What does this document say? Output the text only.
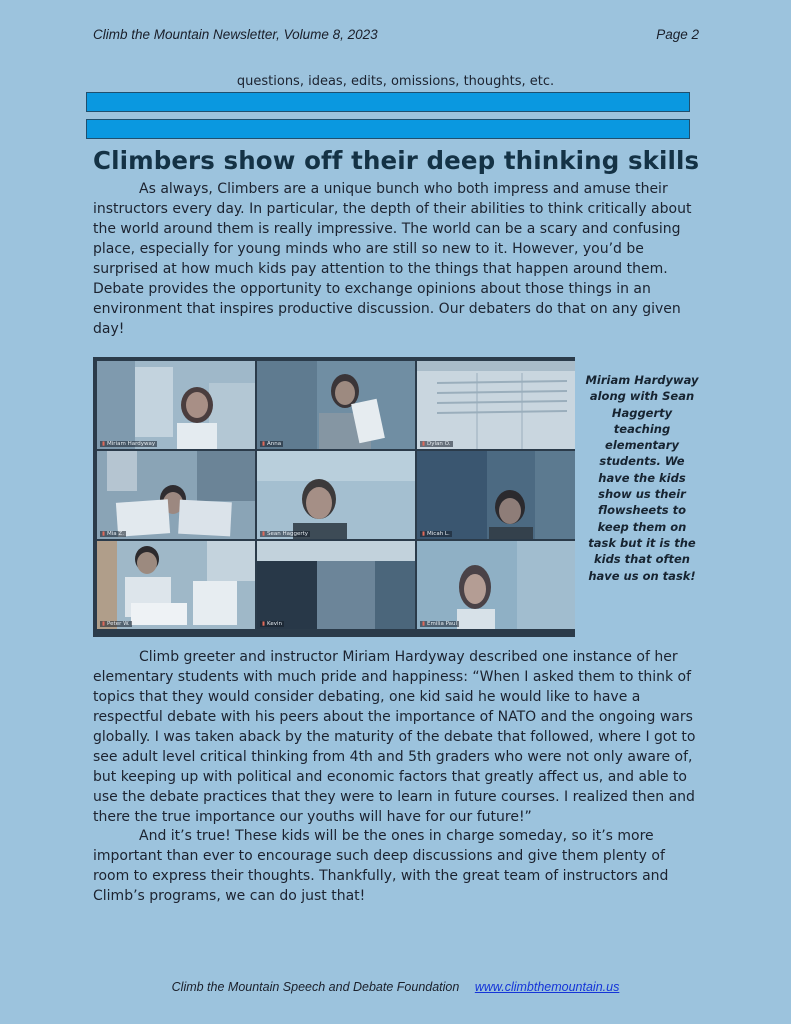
Climb the Mountain Newsletter, Volume 8, 2023	Page 2
questions, ideas, edits, omissions, thoughts, etc.
Climbers show off their deep thinking skills

As always, Climbers are a unique bunch who both impress and amuse their instructors every day. In particular, the depth of their abilities to think critically about the world around them is really impressive. The world can be a scary and confusing place, especially for young minds who are still so new to it. However, you’d be surprised at how much kids pay attention to the things that happen around them. Debate provides the opportunity to exchange opinions about those things in an environment that inspires productive discussion. Our debaters do that on any given day!

▮ Miriam Hardyway	▮ Anna	▮ Dylan O.
▮ Mia Z.	▮ Sean Haggerty	▮ Micah L.
▮ Peter W.	▮ Kevin	▮ Emilia Paul

Miriam Hardyway along with Sean Haggerty teaching elementary students. We have the kids show us their flowsheets to keep them on task but it is the kids that often have us on task!

Climb greeter and instructor Miriam Hardyway described one instance of her elementary students with much pride and happiness: “When I asked them to think of topics that they would consider debating, one kid said he would like to have a respectful debate with his peers about the importance of NATO and the ongoing wars globally. I was taken aback by the maturity of the debate that followed, where I got to see adult level critical thinking from 4th and 5th graders who were not only aware of, but keeping up with political and economic factors that greatly affect us, and able to use the debate practices that they were to learn in future courses. I realized then and there the true importance our youths will have for our future!”

And it’s true! These kids will be the ones in charge someday, so it’s more important than ever to encourage such deep discussions and give them plenty of room to express their thoughts. Thankfully, with the great team of instructors and Climb’s programs, we can do just that!

Climb the Mountain Speech and Debate Foundation www.climbthemountain.us
